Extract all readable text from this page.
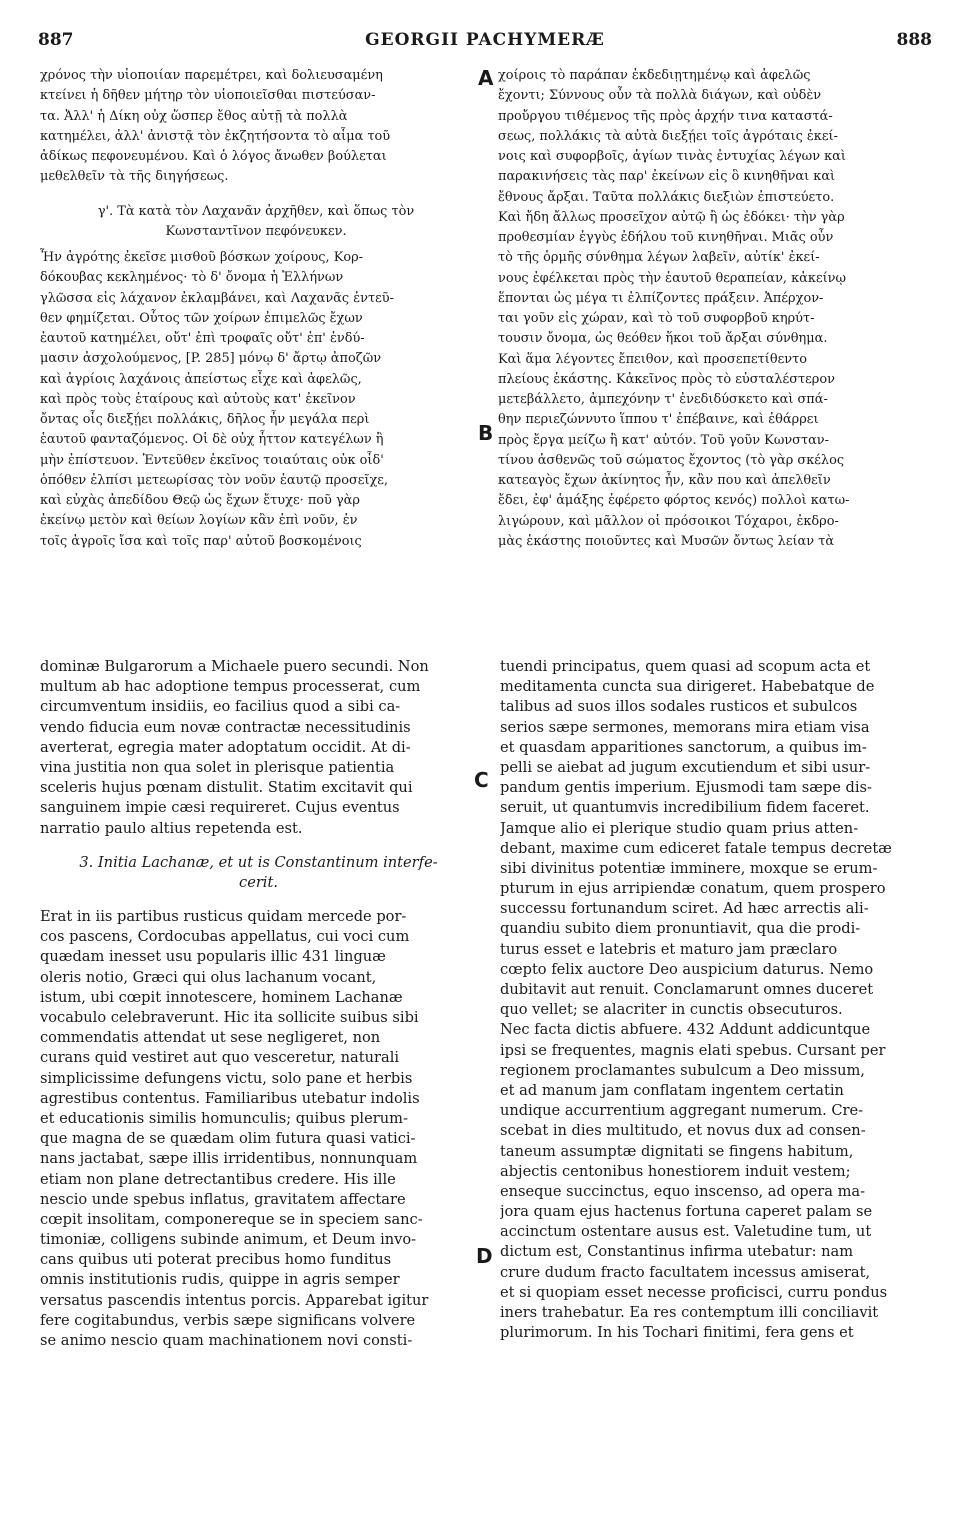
887	GEORGII PACHYMERÆ	888
A
B
C
D
χρόνος τὴν υἱοποιίαν παρεμέτρει, καὶ δολιευσαμένη
κτείνει ἡ δῆθεν μήτηρ τὸν υἱοποιεῖσθαι πιστεύσαν-
τα. Ἀλλ' ἡ Δίκη οὐχ ὥσπερ ἔθος αὐτῇ τὰ πολλὰ
κατημέλει, ἀλλ' ἀνιστᾷ τὸν ἐκζητήσοντα τὸ αἷμα τοῦ
ἀδίκως πεφονευμένου. Καὶ ὁ λόγος ἄνωθεν βούλεται
μεθελθεῖν τὰ τῆς διηγήσεως.
γ'. Τὰ κατὰ τὸν Λαχανᾶν ἀρχῆθεν, καὶ ὅπως τὸν
Κωνσταντῖνον πεφόνευκεν.
Ἦν ἀγρότης ἐκεῖσε μισθοῦ βόσκων χοίρους, Κορ-
δόκουβας κεκλημένος· τὸ δ' ὄνομα ἡ Ἑλλήνων
γλῶσσα εἰς λάχανον ἐκλαμβάνει, καὶ Λαχανᾶς ἐντεῦ-
θεν φημίζεται. Οὗτος τῶν χοίρων ἐπιμελῶς ἔχων
ἑαυτοῦ κατημέλει, οὔτ' ἐπὶ τροφαῖς οὔτ' ἐπ' ἐνδύ-
μασιν ἀσχολούμενος, [P. 285] μόνῳ δ' ἄρτῳ ἀποζῶν
καὶ ἀγρίοις λαχάνοις ἀπείστως εἶχε καὶ ἀφελῶς,
καὶ πρὸς τοὺς ἑταίρους καὶ αὐτοὺς κατ' ἐκεῖνον
ὄντας οἷς διεξῄει πολλάκις, δῆλος ἦν μεγάλα περὶ
ἑαυτοῦ φανταζόμενος. Οἱ δὲ οὐχ ἧττον κατεγέλων ἢ
μὴν ἐπίστευον. Ἐντεῦθεν ἐκεῖνος τοιαύταις οὐκ οἶδ'
ὁπόθεν ἐλπίσι μετεωρίσας τὸν νοῦν ἑαυτῷ προσεῖχε,
καὶ εὐχὰς ἀπεδίδου Θεῷ ὡς ἔχων ἔτυχε· ποῦ γὰρ
ἐκείνῳ μετὸν καὶ θείων λογίων κἂν ἐπὶ νοῦν, ἐν
τοῖς ἀγροῖς ἴσα καὶ τοῖς παρ' αὐτοῦ βοσκομένοις
χοίροις τὸ παράπαν ἐκδεδιῃτημένῳ καὶ ἀφελῶς
ἔχοντι; Σύννους οὖν τὰ πολλὰ διάγων, καὶ οὐδὲν
προὔργου τιθέμενος τῆς πρὸς ἀρχήν τινα καταστά-
σεως, πολλάκις τὰ αὐτὰ διεξῄει τοῖς ἀγρόταις ἐκεί-
νοις καὶ συφορβοῖς, ἁγίων τινὰς ἐντυχίας λέγων καὶ
παρακινήσεις τὰς παρ' ἐκείνων εἰς ὃ κινηθῆναι καὶ
ἔθνους ἄρξαι. Ταῦτα πολλάκις διεξιὼν ἐπιστεύετο.
Καὶ ἤδη ἄλλως προσεῖχον αὐτῷ ἢ ὡς ἐδόκει· τὴν γὰρ
προθεσμίαν ἐγγὺς ἐδήλου τοῦ κινηθῆναι. Μιᾶς οὖν
τὸ τῆς ὁρμῆς σύνθημα λέγων λαβεῖν, αὐτίκ' ἐκεί-
νους ἐφέλκεται πρὸς τὴν ἑαυτοῦ θεραπείαν, κἀκείνῳ
ἕπονται ὡς μέγα τι ἐλπίζοντες πράξειν. Ἀπέρχον-
ται γοῦν εἰς χώραν, καὶ τὸ τοῦ συφορβοῦ κηρύτ-
τουσιν ὄνομα, ὡς θεόθεν ἥκοι τοῦ ἄρξαι σύνθημα.
Καὶ ἅμα λέγοντες ἔπειθον, καὶ προσεπετίθεντο
πλείους ἑκάστης. Κἀκεῖνος πρὸς τὸ εὐσταλέστερον
μετεβάλλετο, ἀμπεχόνην τ' ἐνεδιδύσκετο καὶ σπά-
θην περιεζώννυτο ἵππου τ' ἐπέβαινε, καὶ ἐθάρρει
πρὸς ἔργα μείζω ἢ κατ' αὐτόν. Τοῦ γοῦν Κωνσταν-
τίνου ἀσθενῶς τοῦ σώματος ἔχοντος (τὸ γὰρ σκέλος
κατεαγὸς ἔχων ἀκίνητος ἦν, κἂν που καὶ ἀπελθεῖν
ἔδει, ἐφ' ἁμάξης ἐφέρετο φόρτος κενός) πολλοὶ κατω-
λιγώρουν, καὶ μᾶλλον οἱ πρόσοικοι Τόχαροι, ἐκδρο-
μὰς ἑκάστης ποιοῦντες καὶ Μυσῶν ὄντως λείαν τὰ
dominæ Bulgarorum a Michaele puero secundi. Non
multum ab hac adoptione tempus processerat, cum
circumventum insidiis, eo facilius quod a sibi ca-
vendo fiducia eum novæ contractæ necessitudinis
averterat, egregia mater adoptatum occidit. At di-
vina justitia non qua solet in plerisque patientia
sceleris hujus pœnam distulit. Statim excitavit qui
sanguinem impie cæsi requireret. Cujus eventus
narratio paulo altius repetenda est.
3. Initia Lachanæ, et ut is Constantinum interfe-
cerit.
Erat in iis partibus rusticus quidam mercede por-
cos pascens, Cordocubas appellatus, cui voci cum
quædam inesset usu popularis illic 431 linguæ
oleris notio, Græci qui olus lachanum vocant,
istum, ubi cœpit innotescere, hominem Lachanæ
vocabulo celebraverunt. Hic ita sollicite suibus sibi
commendatis attendat ut sese negligeret, non
curans quid vestiret aut quo vesceretur, naturali
simplicissime defungens victu, solo pane et herbis
agrestibus contentus. Familiaribus utebatur indolis
et educationis similis homunculis; quibus plerum-
que magna de se quædam olim futura quasi vatici-
nans jactabat, sæpe illis irridentibus, nonnunquam
etiam non plane detrectantibus credere. His ille
nescio unde spebus inflatus, gravitatem affectare
cœpit insolitam, componereque se in speciem sanc-
timoniæ, colligens subinde animum, et Deum invo-
cans quibus uti poterat precibus homo funditus
omnis institutionis rudis, quippe in agris semper
versatus pascendis intentus porcis. Apparebat igitur
fere cogitabundus, verbis sæpe significans volvere
se animo nescio quam machinationem novi consti-
tuendi principatus, quem quasi ad scopum acta et
meditamenta cuncta sua dirigeret. Habebatque de
talibus ad suos illos sodales rusticos et subulcos
serios sæpe sermones, memorans mira etiam visa
et quasdam apparitiones sanctorum, a quibus im-
pelli se aiebat ad jugum excutiendum et sibi usur-
pandum gentis imperium. Ejusmodi tam sæpe dis-
seruit, ut quantumvis incredibilium fidem faceret.
Jamque alio ei plerique studio quam prius atten-
debant, maxime cum ediceret fatale tempus decretæ
sibi divinitus potentiæ imminere, moxque se erum-
pturum in ejus arripiendæ conatum, quem prospero
successu fortunandum sciret. Ad hæc arrectis ali-
quandiu subito diem pronuntiavit, qua die prodi-
turus esset e latebris et maturo jam præclaro
cœpto felix auctore Deo auspicium daturus. Nemo
dubitavit aut renuit. Conclamarunt omnes duceret
quo vellet; se alacriter in cunctis obsecuturos.
Nec facta dictis abfuere. 432 Addunt addicuntque
ipsi se frequentes, magnis elati spebus. Cursant per
regionem proclamantes subulcum a Deo missum,
et ad manum jam conflatam ingentem certatin
undique accurrentium aggregant numerum. Cre-
scebat in dies multitudo, et novus dux ad consen-
taneum assumptæ dignitati se fingens habitum,
abjectis centonibus honestiorem induit vestem;
enseque succinctus, equo inscenso, ad opera ma-
jora quam ejus hactenus fortuna caperet palam se
accinctum ostentare ausus est. Valetudine tum, ut
dictum est, Constantinus infirma utebatur: nam
crure dudum fracto facultatem incessus amiserat,
et si quopiam esset necesse proficisci, curru pondus
iners trahebatur. Ea res contemptum illi conciliavit
plurimorum. In his Tochari finitimi, fera gens et
